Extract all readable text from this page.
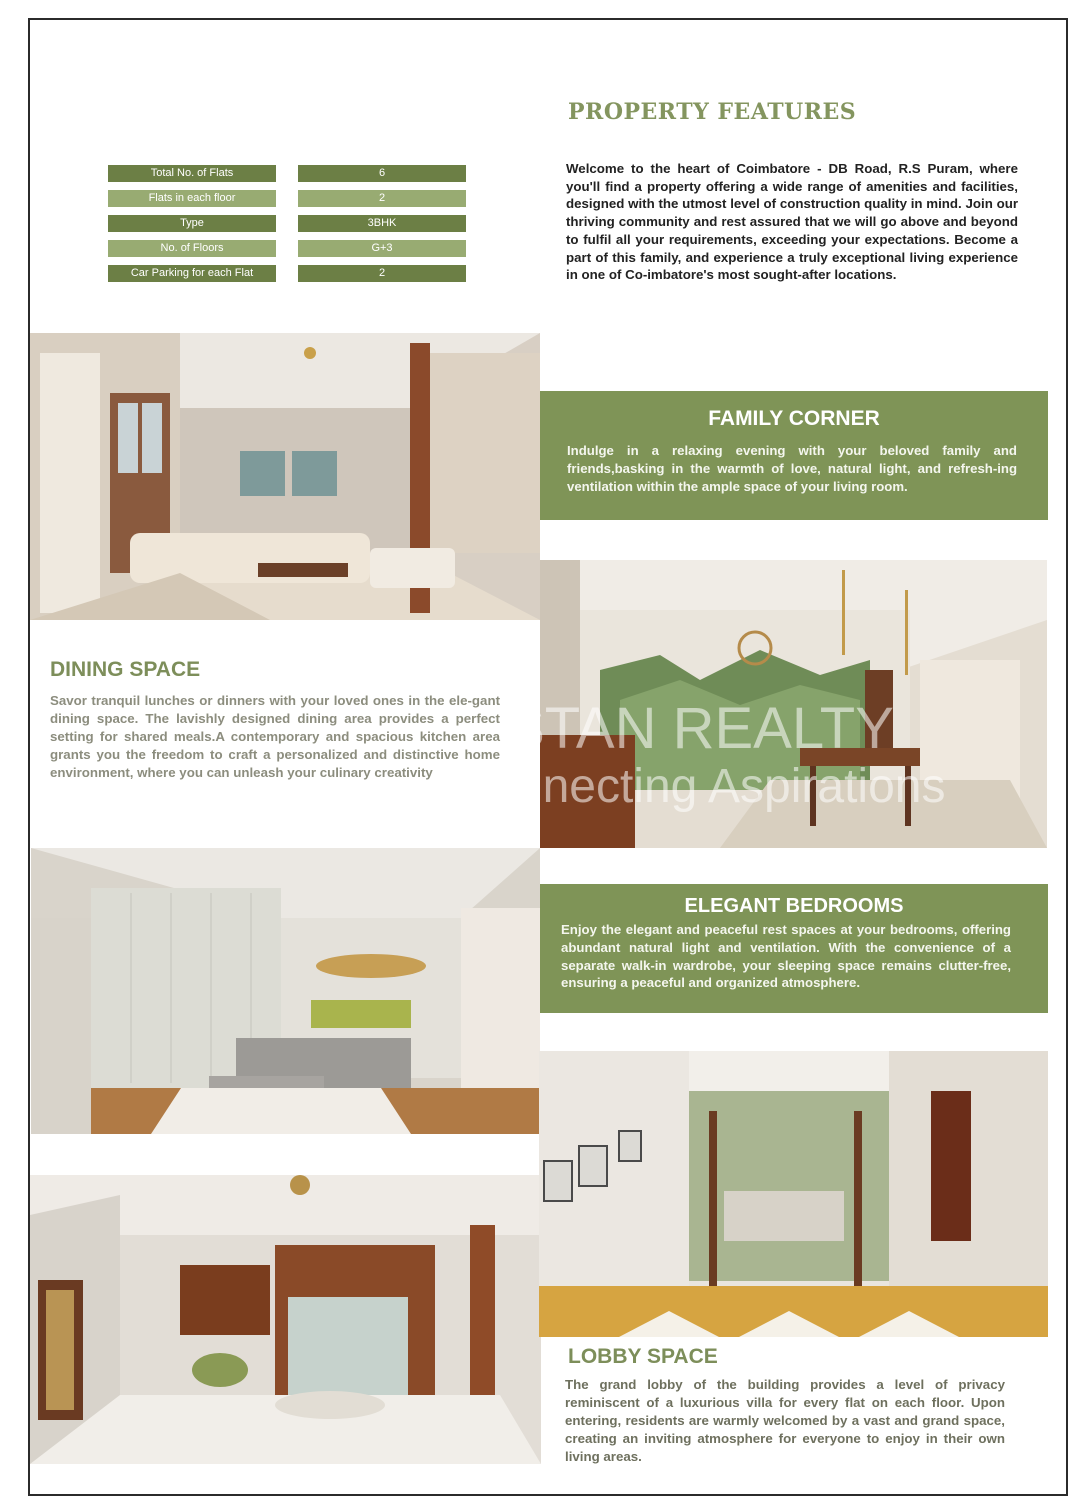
PROPERTY FEATURES
Total No. of Flats	6
Flats in each floor	2
Type	3BHK
No. of Floors	G+3
Car Parking for each Flat	2
Welcome to the heart of Coimbatore - DB Road, R.S Puram, where you'll find a property offering a wide range of amenities and facilities, designed with the utmost level of construction quality in mind. Join our thriving community and rest assured that we will go above and beyond to fulfil all your requirements, exceeding your expectations. Become a part of this family, and experience a truly exceptional living experience in one of Co-imbatore's most sought-after locations.
FAMILY CORNER

Indulge in a relaxing evening with your beloved family and friends,basking in the warmth of love, natural light, and refresh-ing ventilation within the ample space of your living room.

DINING SPACE
Savor tranquil lunches or dinners with your loved ones in the ele-gant dining space. The lavishly designed dining area provides a perfect setting for shared meals.A contemporary and spacious kitchen area grants you the freedom to craft a personalized and distinctive home environment, where you can unleash your culinary creativity
ELEGANT BEDROOMS

Enjoy the elegant and peaceful rest spaces at your bedrooms, offering abundant natural light and ventilation. With the convenience of a separate walk-in wardrobe, your sleeping space remains clutter-free, ensuring a peaceful and organized atmosphere.

LOBBY SPACE
The grand lobby of the building provides a level of privacy reminiscent of a luxurious villa for every flat on each floor. Upon entering, residents are warmly welcomed by a vast and grand space, creating an inviting atmosphere for everyone to enjoy in their own living areas.
STAN REALTY
Connecting Aspirations
